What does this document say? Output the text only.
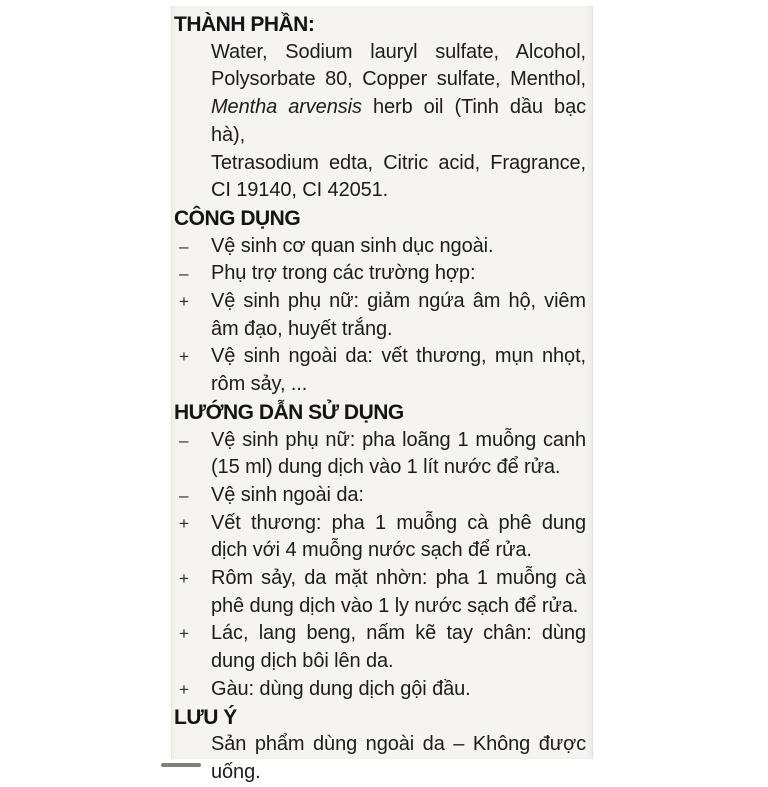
THÀNH PHẦN:
Water, Sodium lauryl sulfate, Alcohol,
Polysorbate 80, Copper sulfate, Menthol,
Mentha arvensis herb oil (Tinh dầu bạc hà),
Tetrasodium edta, Citric acid, Fragrance,
CI 19140, CI 42051.
CÔNG DỤNG
–	Vệ sinh cơ quan sinh dục ngoài.
–	Phụ trợ trong các trường hợp:
+	Vệ sinh phụ nữ: giảm ngứa âm hộ, viêm
âm đạo, huyết trắng.
+	Vệ sinh ngoài da: vết thương, mụn nhọt,
rôm sảy, ...
HƯỚNG DẪN SỬ DỤNG
–	Vệ sinh phụ nữ: pha loãng 1 muỗng canh
(15 ml) dung dịch vào 1 lít nước để rửa.
–	Vệ sinh ngoài da:
+	Vết thương: pha 1 muỗng cà phê dung
dịch với 4 muỗng nước sạch để rửa.
+	Rôm sảy, da mặt nhờn: pha 1 muỗng cà
phê dung dịch vào 1 ly nước sạch để rửa.
+	Lác, lang beng, nấm kẽ tay chân: dùng
dung dịch bôi lên da.
+	Gàu: dùng dung dịch gội đầu.
LƯU Ý
Sản phẩm dùng ngoài da – Không được
uống.
